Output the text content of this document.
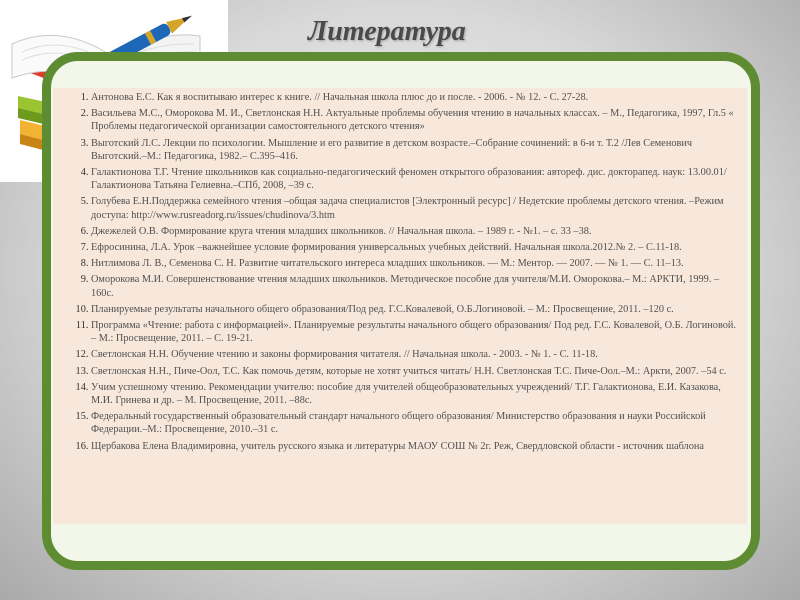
Литература
1. Антонова Е.С. Как я воспитываю интерес к книге. // Начальная школа плюс до и после. - 2006. - № 12. - С. 27-28.
2. Васильева М.С., Оморокова М. И., Светлонская Н.Н. Актуальные проблемы обучения чтению в начальных классах. – М., Педагогика, 1997, Гл.5 « Проблемы педагогической организации самостоятельного детского чтения»
3. Выготский Л.С. Лекции по психологии. Мышление и его развитие в детском возрасте.–Собрание сочинений: в 6-и т. Т.2 /Лев Семенович Выготский.–М.: Педагогика, 1982.– С.395–416.
4. Галактионова Т.Г. Чтение школьников как социально-педагогический феномен открытого образования: автореф. дис. докторапед. наук: 13.00.01/ Галактионова Татьяна Гелиевна.–СПб, 2008, –39 с.
5. Голубева Е.Н.Поддержка семейного чтения –общая задача специалистов [Электронный ресурс] / Недетские проблемы детского чтения. –Режим доступа: http://www.rusreadorg.ru/issues/chudinova/3.htm
6. Джежелей О.В. Формирование круга чтения младших школьников. // Начальная школа. – 1989 г. - №1. – с. 33 –38.
7. Ефросинина, Л.А. Урок –важнейшее условие формирования универсальных учебных действий. Начальная школа.2012.№ 2. – С.11-18.
8. Нитлимова Л. В., Семенова С. Н. Развитие читательского интереса младших школьников. — М.: Ментор. — 2007. — № 1. — С. 11–13.
9. Оморокова М.И. Совершенствование чтения младших школьников. Методическое пособие для учителя/М.И. Оморокова.– М.: АРКТИ, 1999. – 160с.
10. Планируемые результаты начального общего образования/Под ред. Г.С.Ковалевой, О.Б.Логиновой. – М.: Просвещение, 2011. –120 с.
11. Программа «Чтение: работа с информацией». Планируемые результаты начального общего образования/ Под ред. Г.С. Ковалевой, О.Б. Логиновой. – М.: Просвещение, 2011. – С. 19-21.
12. Светлонская Н.Н. Обучение чтению и законы формирования читателя. // Начальная школа. - 2003. - № 1. - С. 11-18.
13. Светлонская Н.Н., Пиче-Оол, Т.С. Как помочь детям, которые не хотят учиться читать/ Н.Н. Светлонская Т.С. Пиче-Оол.–М.: Аркти, 2007. –54 с.
14. Учим успешному чтению. Рекомендации учителю: пособие для учителей общеобразовательных учреждений/ Т.Г. Галактионова, Е.И. Казакова, М.И. Гринева и др. – М. Просвещение, 2011. –88с.
15. Федеральный государственный образовательный стандарт начального общего образования/ Министерство образования и науки Российской Федерации.–М.: Просвещение, 2010.–31 с.
16. Щербакова Елена Владимировна, учитель русского языка и литературы МАОУ СОШ № 2г. Реж, Свердловской области - источник шаблона
